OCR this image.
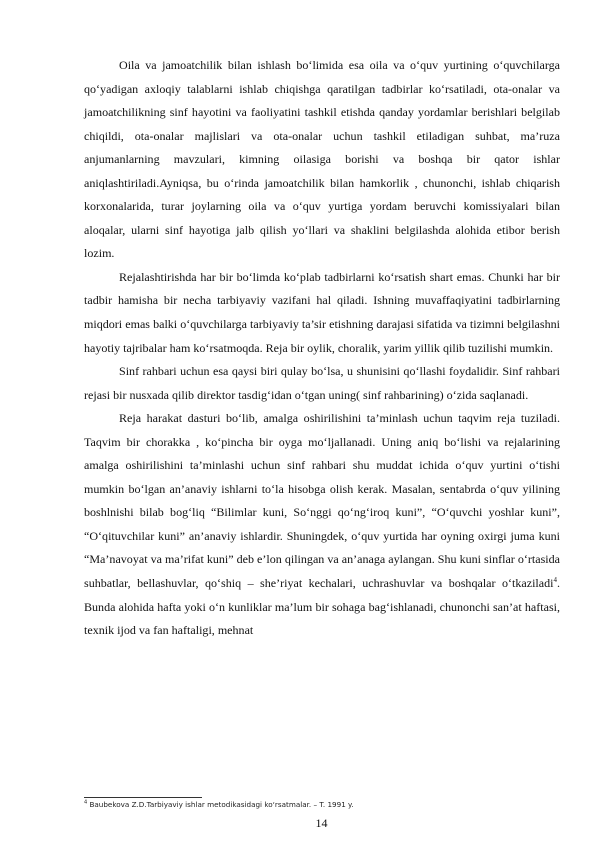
Oila va jamoatchilik bilan ishlash bo‘limida esa oila va o‘quv yurtining o‘quvchilarga qo‘yadigan axloqiy talablarni ishlab chiqishga qaratilgan tadbirlar ko‘rsatiladi, ota-onalar va jamoatchilikning sinf hayotini va faoliyatini tashkil etishda qanday yordamlar berishlari belgilab chiqildi, ota-onalar majlislari va ota-onalar uchun tashkil etiladigan suhbat, ma’ruza anjumanlarning mavzulari, kimning oilasiga borishi va boshqa bir qator ishlar aniqlashtiriladi.Ayniqsa, bu o‘rinda jamoatchilik bilan hamkorlik , chunonchi, ishlab chiqarish korxonalarida, turar joylarning oila va o‘quv yurtiga yordam beruvchi komissiyalari bilan aloqalar, ularni sinf hayotiga jalb qilish yo‘llari va shaklini belgilashda alohida etibor berish lozim.

Rejalashtirishda har bir bo‘limda ko‘plab tadbirlarni ko‘rsatish shart emas. Chunki har bir tadbir hamisha bir necha tarbiyaviy vazifani hal qiladi. Ishning muvaffaqiyatini tadbirlarning miqdori emas balki o‘quvchilarga tarbiyaviy ta’sir etishning darajasi sifatida va tizimni belgilashni hayotiy tajribalar ham ko‘rsatmoqda. Reja bir oylik, choralik, yarim yillik qilib tuzilishi mumkin.

Sinf rahbari uchun esa qaysi biri qulay bo‘lsa, u shunisini qo‘llashi foydalidir. Sinf rahbari rejasi bir nusxada qilib direktor tasdig‘idan o‘tgan uning( sinf rahbarining) o‘zida saqlanadi.

Reja harakat dasturi bo‘lib, amalga oshirilishini ta’minlash uchun taqvim reja tuziladi. Taqvim bir chorakka , ko‘pincha bir oyga mo‘ljallanadi. Uning aniq bo‘lishi va rejalarining amalga oshirilishini ta’minlashi uchun sinf rahbari shu muddat ichida o‘quv yurtini o‘tishi mumkin bo‘lgan an’anaviy ishlarni to‘la hisobga olish kerak. Masalan, sentabrda o‘quv yilining boshlnishi bilab bog‘liq “Bilimlar kuni, So‘nggi qo‘ng‘iroq kuni”, “O‘quvchi yoshlar kuni”, “O‘qituvchilar kuni” an’anaviy ishlardir. Shuningdek, o‘quv yurtida har oyning oxirgi juma kuni “Ma’navoyat va ma’rifat kuni” deb e’lon qilingan va an’anaga aylangan. Shu kuni sinflar o‘rtasida suhbatlar, bellashuvlar, qo‘shiq – she’riyat kechalari, uchrashuvlar va boshqalar o‘tkaziladi$^4$. Bunda alohida hafta yoki o‘n kunliklar ma’lum bir sohaga bag‘ishlanadi, chunonchi san’at haftasi, texnik ijod va fan haftaligi, mehnat

$^4$ Baubekova Z.D.Tarbiyaviy ishlar metodikasidagi ko‘rsatmalar. – T. 1991 y.
14
